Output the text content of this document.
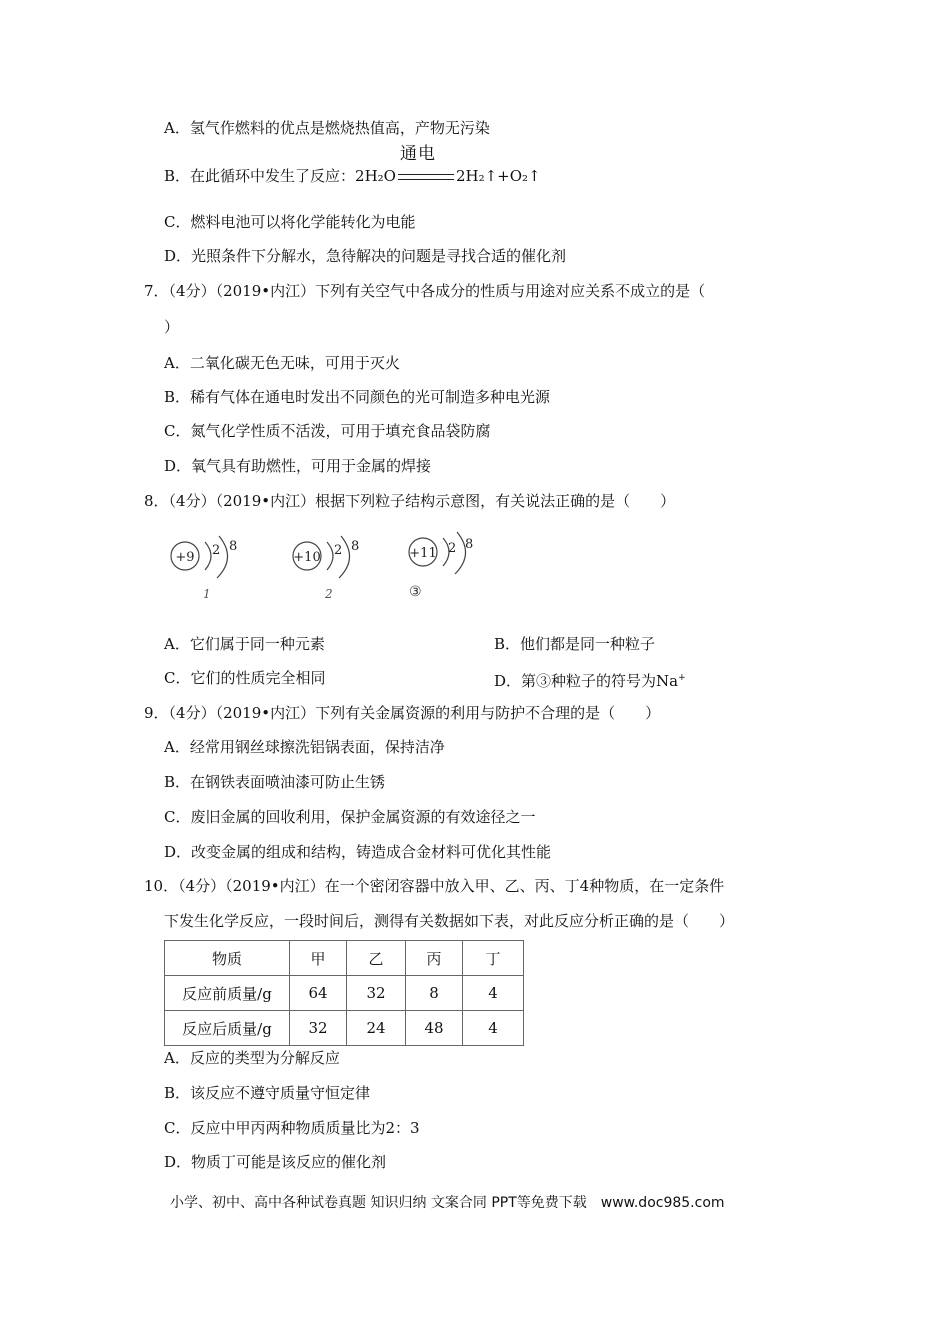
A．氢气作燃料的优点是燃烧热值高，产物无污染
B．在此循环中发生了反应：2H₂O
通电
2H₂↑+O₂↑
C．燃料电池可以将化学能转化为电能
D．光照条件下分解水，急待解决的问题是寻找合适的催化剂
7．（4分）（2019•内江）下列有关空气中各成分的性质与用途对应关系不成立的是（
）
A．二氧化碳无色无味，可用于灭火
B．稀有气体在通电时发出不同颜色的光可制造多种电光源
C．氮气化学性质不活泼，可用于填充食品袋防腐
D．氧气具有助燃性，可用于金属的焊接
8．（4分）（2019•内江）根据下列粒子结构示意图，有关说法正确的是（　　）
+9 2 8
1
+10 2 8
2
+11 2 8
③
A．它们属于同一种元素	B．他们都是同一种粒子
C．它们的性质完全相同	D．第③种粒子的符号为Na+
9．（4分）（2019•内江）下列有关金属资源的利用与防护不合理的是（　　）
A．经常用钢丝球擦洗铝锅表面，保持洁净
B．在钢铁表面喷油漆可防止生锈
C．废旧金属的回收利用，保护金属资源的有效途径之一
D．改变金属的组成和结构，铸造成合金材料可优化其性能
10．（4分）（2019•内江）在一个密闭容器中放入甲、乙、丙、丁4种物质，在一定条件
下发生化学反应，一段时间后，测得有关数据如下表，对此反应分析正确的是（　　）
物质	甲	乙	丙	丁
反应前质量/g	64	32	8	4
反应后质量/g	32	24	48	4
A．反应的类型为分解反应
B．该反应不遵守质量守恒定律
C．反应中甲丙两种物质质量比为2：3
D．物质丁可能是该反应的催化剂
小学、初中、高中各种试卷真题 知识归纳 文案合同 PPT等免费下载　www.doc985.com
